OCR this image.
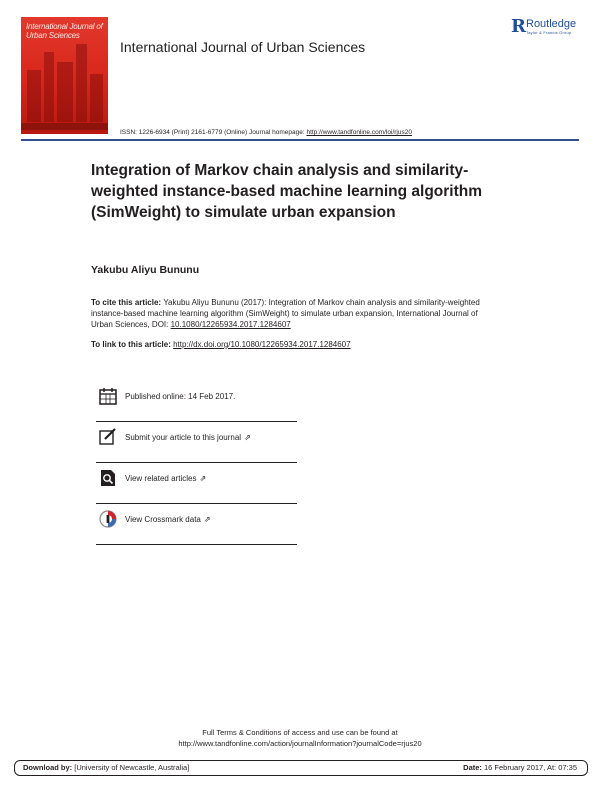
International Journal of Urban Sciences
International Journal of Urban Sciences
R Routledge
Taylor & Francis Group
ISSN: 1226-6934 (Print) 2161-6779 (Online) Journal homepage: http://www.tandfonline.com/loi/rjus20
Integration of Markov chain analysis and similarity-weighted instance-based machine learning algorithm (SimWeight) to simulate urban expansion
Yakubu Aliyu Bununu
To cite this article: Yakubu Aliyu Bununu (2017): Integration of Markov chain analysis and similarity-weighted instance-based machine learning algorithm (SimWeight) to simulate urban expansion, International Journal of Urban Sciences, DOI: 10.1080/12265934.2017.1284607
To link to this article: http://dx.doi.org/10.1080/12265934.2017.1284607
Published online: 14 Feb 2017.
Submit your article to this journal ⇗
View related articles ⇗
View Crossmark data ⇗
Full Terms & Conditions of access and use can be found at
http://www.tandfonline.com/action/journalInformation?journalCode=rjus20
Download by: [University of Newcastle, Australia]	Date: 16 February 2017, At: 07:35
